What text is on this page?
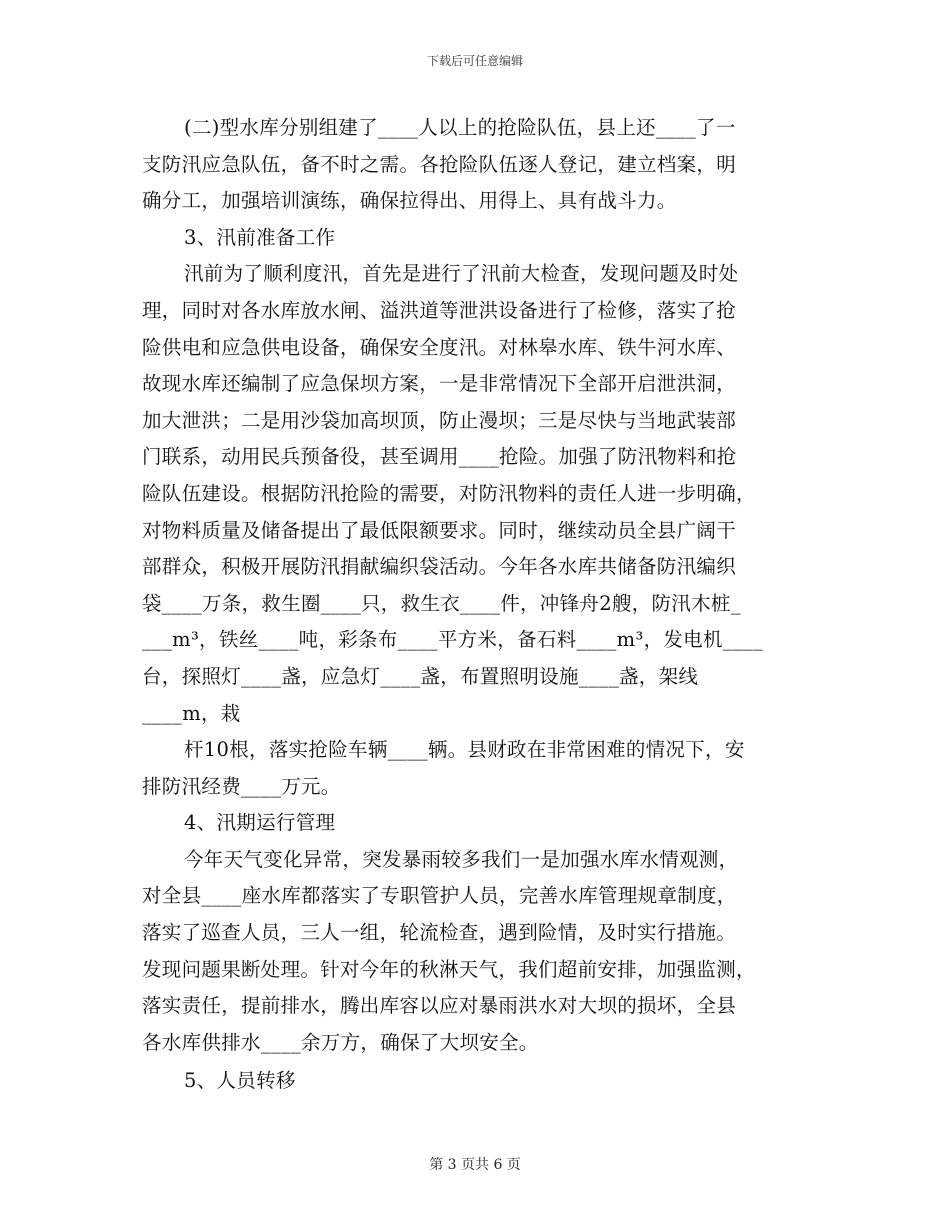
下载后可任意编辑
(二)型水库分别组建了____人以上的抢险队伍，县上还____了一
支防汛应急队伍，备不时之需。各抢险队伍逐人登记，建立档案，明
确分工，加强培训演练，确保拉得出、用得上、具有战斗力。
3、汛前准备工作
汛前为了顺利度汛，首先是进行了汛前大检查，发现问题及时处
理，同时对各水库放水闸、溢洪道等泄洪设备进行了检修，落实了抢
险供电和应急供电设备，确保安全度汛。对林皋水库、铁牛河水库、
故现水库还编制了应急保坝方案，一是非常情况下全部开启泄洪洞，
加大泄洪；二是用沙袋加高坝顶，防止漫坝；三是尽快与当地武装部
门联系，动用民兵预备役，甚至调用____抢险。加强了防汛物料和抢
险队伍建设。根据防汛抢险的需要，对防汛物料的责任人进一步明确，
对物料质量及储备提出了最低限额要求。同时，继续动员全县广阔干
部群众，积极开展防汛捐献编织袋活动。今年各水库共储备防汛编织
袋____万条，救生圈____只，救生衣____件，冲锋舟2艘，防汛木桩_
___m³，铁丝____吨，彩条布____平方米，备石料____m³，发电机____
台，探照灯____盏，应急灯____盏，布置照明设施____盏，架线
____m，栽
杆10根，落实抢险车辆____辆。县财政在非常困难的情况下，安
排防汛经费____万元。
4、汛期运行管理
今年天气变化异常，突发暴雨较多我们一是加强水库水情观测，
对全县____座水库都落实了专职管护人员，完善水库管理规章制度，
落实了巡查人员，三人一组，轮流检查，遇到险情，及时实行措施。
发现问题果断处理。针对今年的秋淋天气，我们超前安排，加强监测，
落实责任，提前排水，腾出库容以应对暴雨洪水对大坝的损坏，全县
各水库供排水____余万方，确保了大坝安全。
5、人员转移
第 3 页共 6 页
